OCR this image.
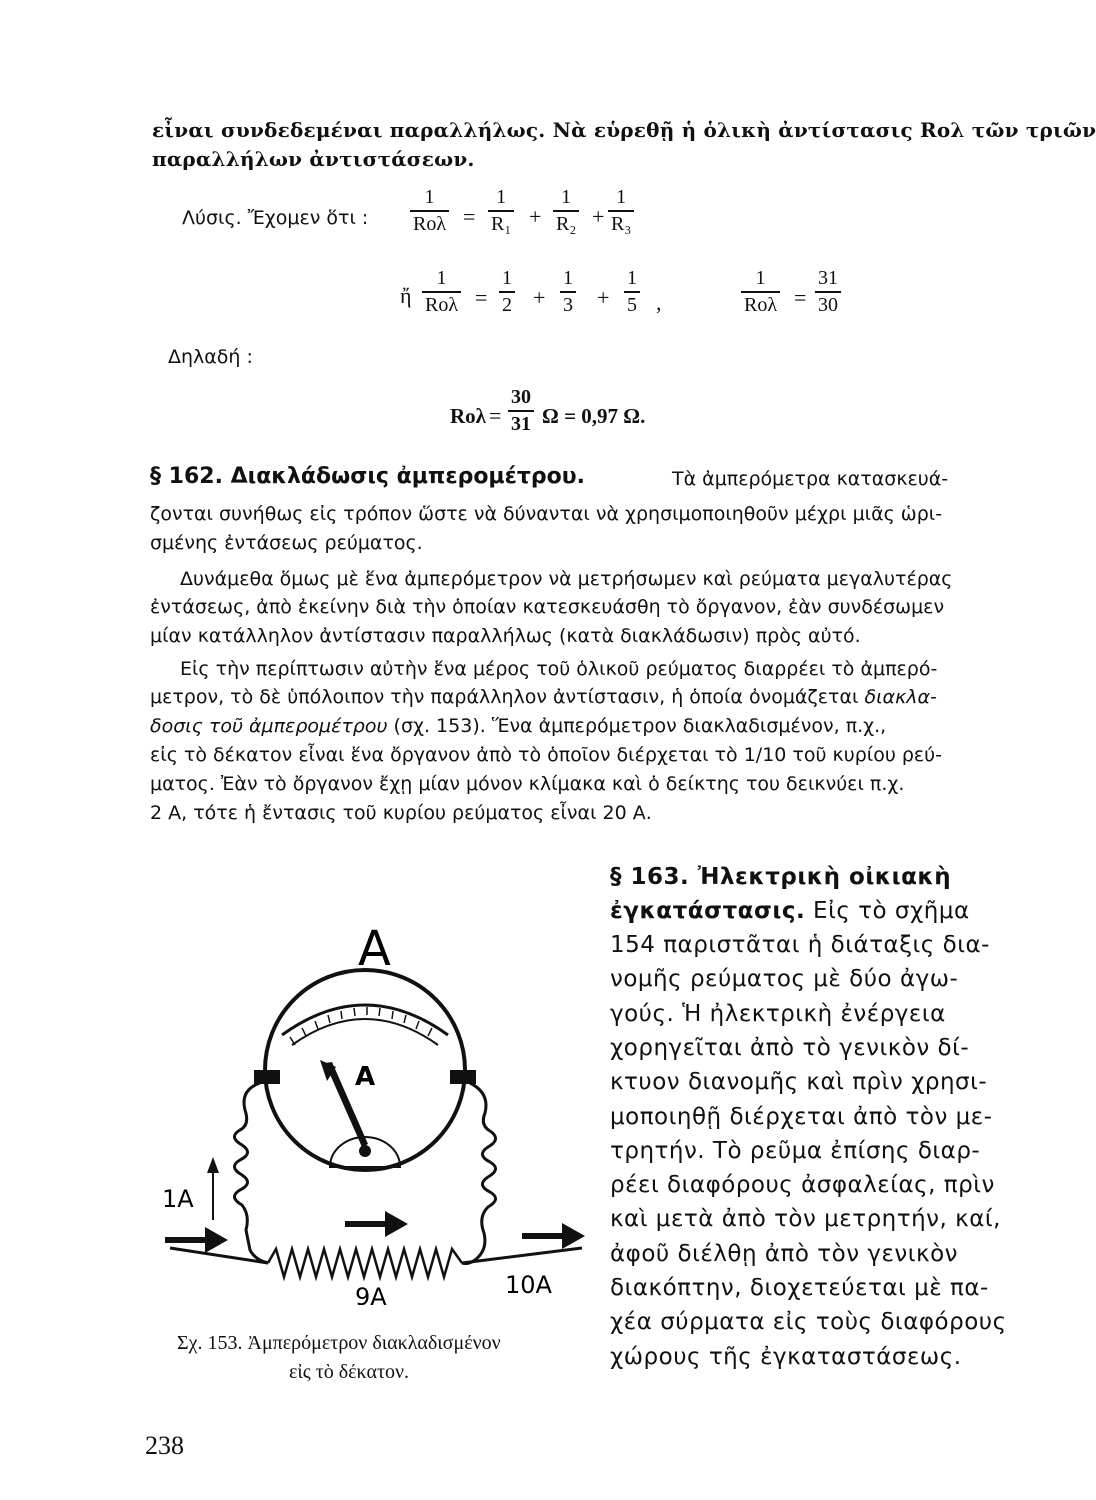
εἶναι συνδεδεμέναι παραλλήλως. Νὰ εὑρεθῇ ἡ ὁλικὴ ἀντίστασις Rολ τῶν τριῶν
παραλλήλων ἀντιστάσεων.
Λύσις. Ἔχομεν ὅτι :
1
Rολ =
1
R₁ +
1
R₂ +
1
R₃
ἤ
1
Rολ =
1
2 +
1
3 +
1
5 ,
1
Rολ =
31
30
Δηλαδή :
Rολ =
30
31 Ω = 0,97 Ω.
§ 162. Διακλάδωσις ἀμπερομέτρου.	Τὰ ἀμπερόμετρα κατασκευά-
ζονται συνήθως εἰς τρόπον ὥστε νὰ δύνανται νὰ χρησιμοποιηθοῦν μέχρι μιᾶς ὡρι-
σμένης ἐντάσεως ρεύματος.
Δυνάμεθα ὅμως μὲ ἕνα ἀμπερόμετρον νὰ μετρήσωμεν καὶ ρεύματα μεγαλυτέρας
ἐντάσεως, ἀπὸ ἐκείνην διὰ τὴν ὁποίαν κατεσκευάσθη τὸ ὄργανον, ἐὰν συνδέσωμεν
μίαν κατάλληλον ἀντίστασιν παραλλήλως (κατὰ διακλάδωσιν) πρὸς αὐτό.
Εἰς τὴν περίπτωσιν αὐτὴν ἕνα μέρος τοῦ ὁλικοῦ ρεύματος διαρρέει τὸ ἀμπερό-
μετρον, τὸ δὲ ὑπόλοιπον τὴν παράλληλον ἀντίστασιν, ἡ ὁποία ὀνομάζεται διακλα-
δοσις τοῦ ἀμπερομέτρου (σχ. 153). Ἕνα ἀμπερόμετρον διακλαδισμένον, π.χ.,
εἰς τὸ δέκατον εἶναι ἕνα ὄργανον ἀπὸ τὸ ὁποῖον διέρχεται τὸ 1/10 τοῦ κυρίου ρεύ-
ματος. Ἐὰν τὸ ὄργανον ἔχῃ μίαν μόνον κλίμακα καὶ ὁ δείκτης του δεικνύει π.χ.
2 Α, τότε ἡ ἔντασις τοῦ κυρίου ρεύματος εἶναι 20 Α.
§ 163. Ἠλεκτρικὴ οἰκιακὴ
ἐγκατάστασις. Εἰς τὸ σχῆμα
154 παριστᾶται ἡ διάταξις δια-
νομῆς ρεύματος μὲ δύο ἀγω-
γούς. Ἡ ἠλεκτρικὴ ἐνέργεια
χορηγεῖται ἀπὸ τὸ γενικὸν δί-
κτυον διανομῆς καὶ πρὶν χρησι-
μοποιηθῇ διέρχεται ἀπὸ τὸν με-
τρητήν. Τὸ ρεῦμα ἐπίσης διαρ-
ρέει διαφόρους ἀσφαλείας, πρὶν
καὶ μετὰ ἀπὸ τὸν μετρητήν, καί,
ἀφοῦ διέλθῃ ἀπὸ τὸν γενικὸν
διακόπτην, διοχετεύεται μὲ πα-
χέα σύρματα εἰς τοὺς διαφόρους
χώρους τῆς ἐγκαταστάσεως.
A
A
1A
10A
9A
Σχ. 153. Ἀμπερόμετρον διακλαδισμένον
εἰς τὸ δέκατον.
238
